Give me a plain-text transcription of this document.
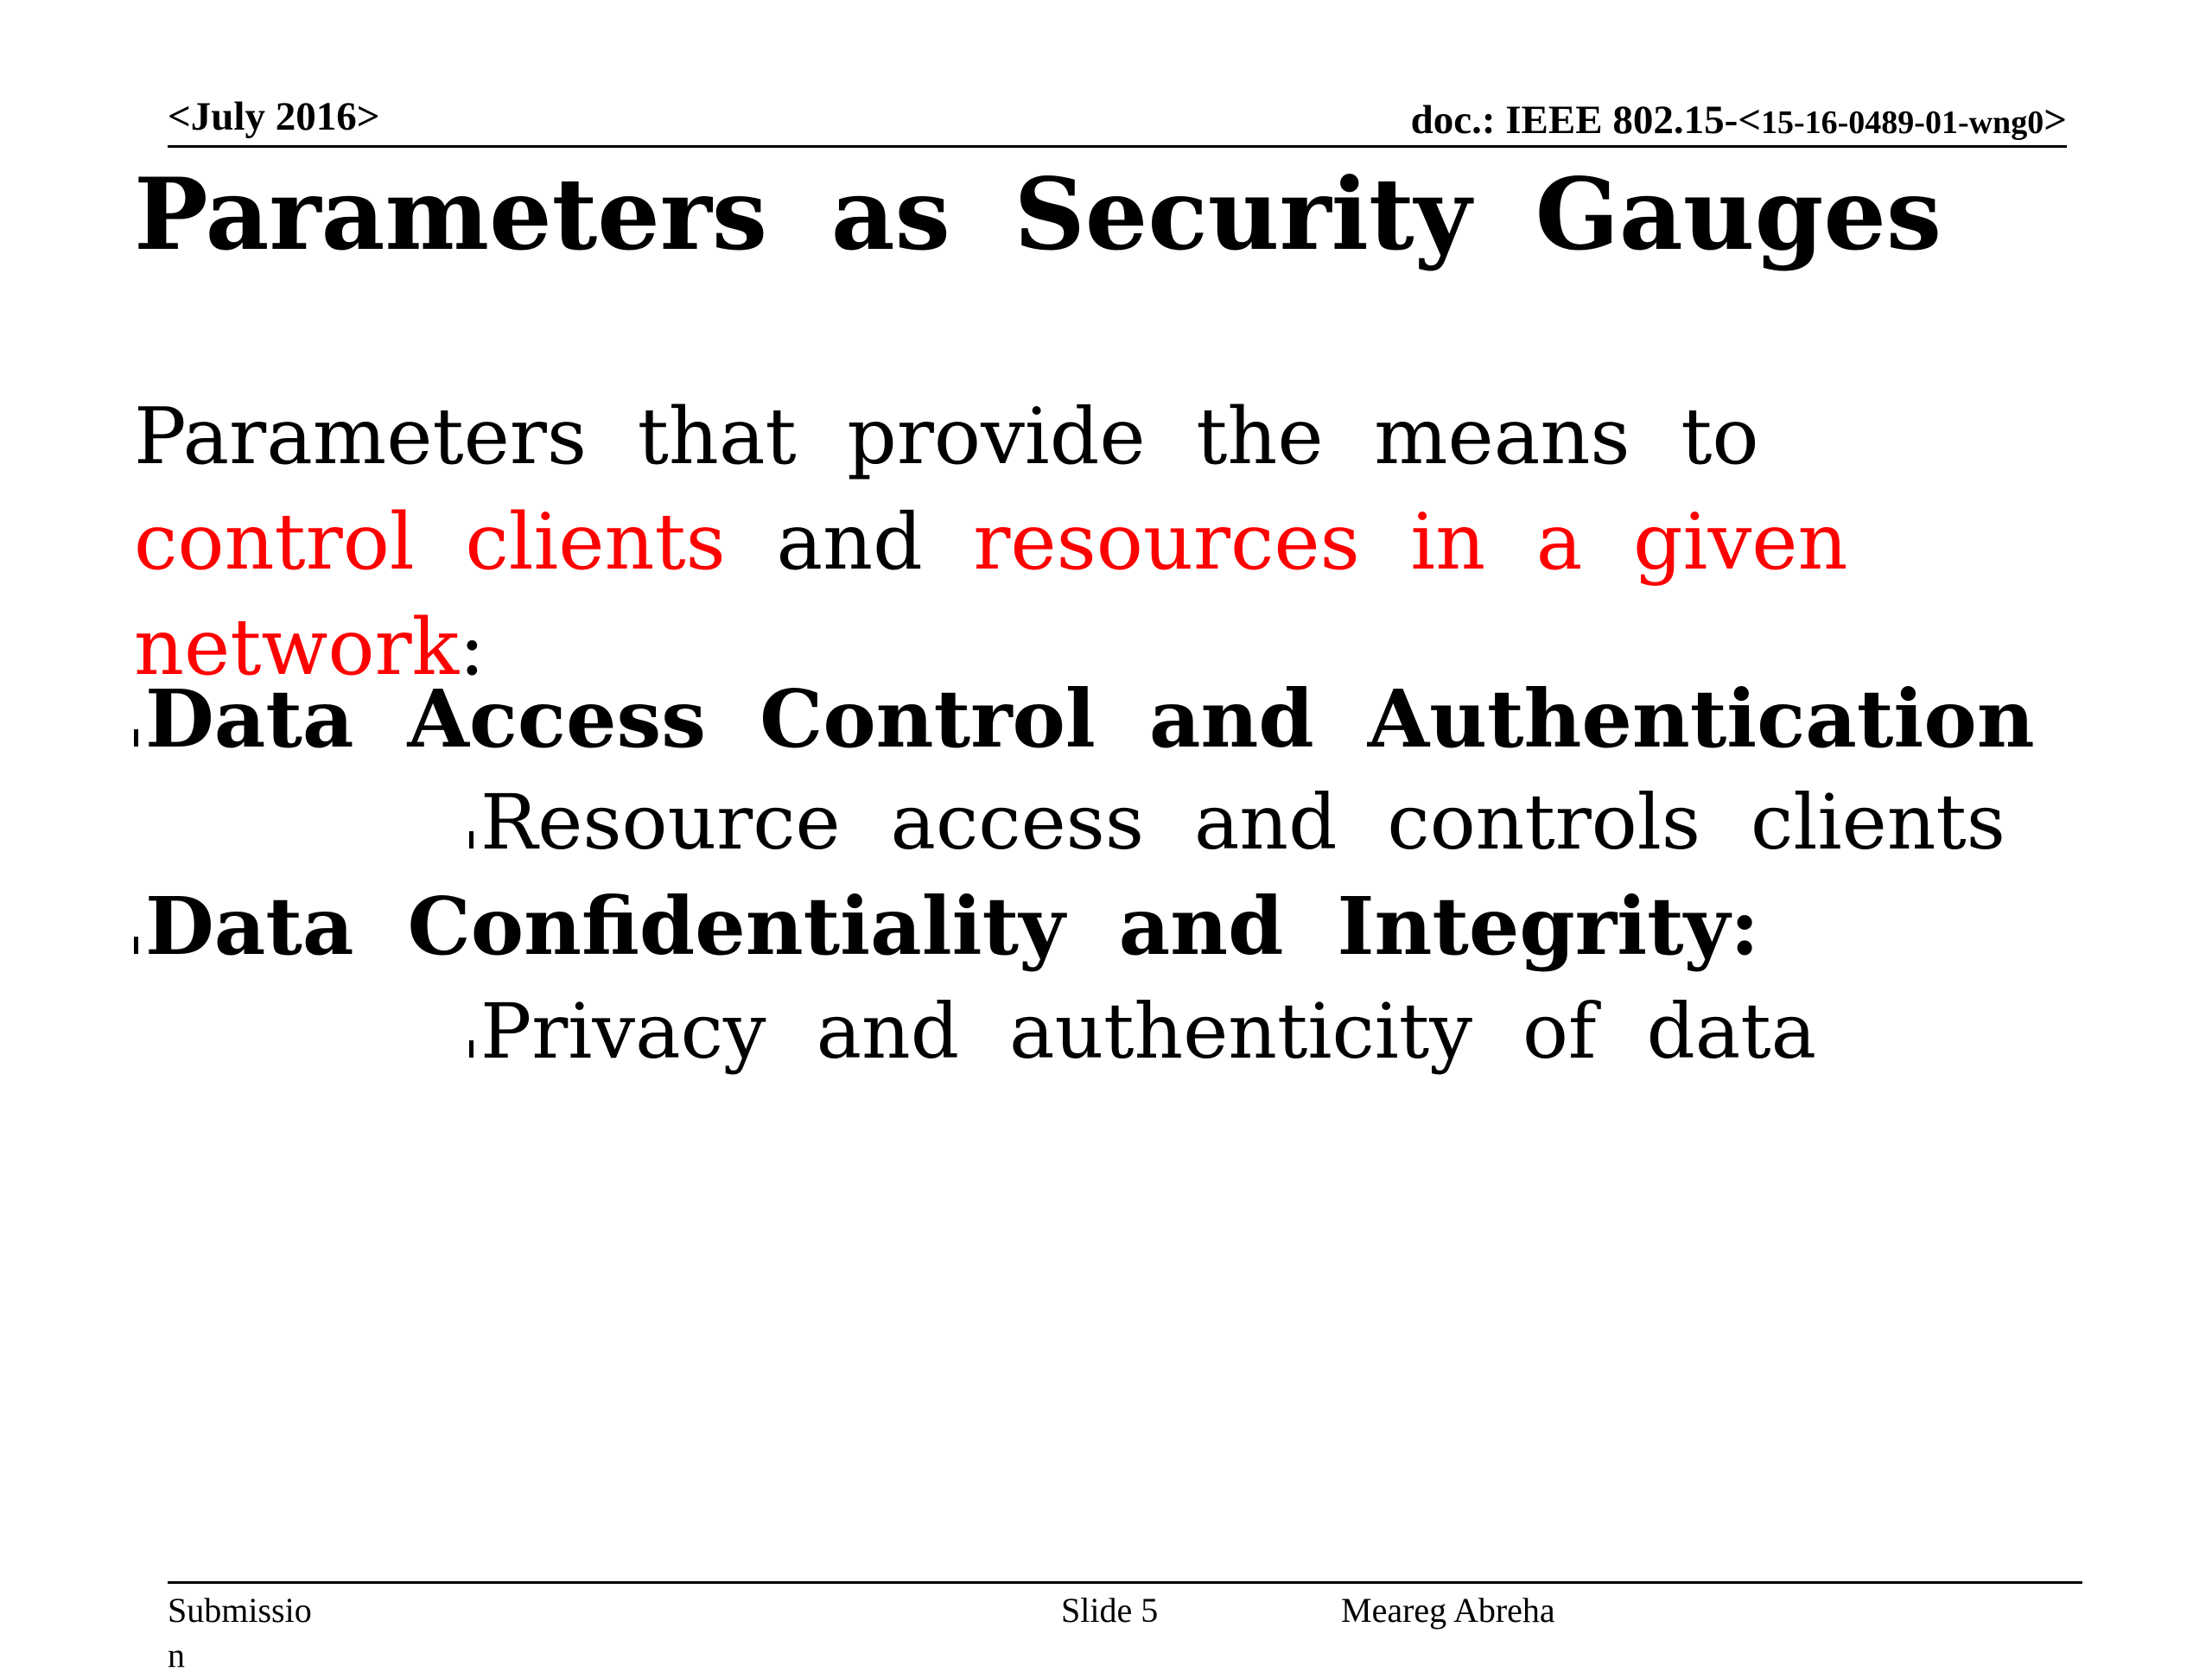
<July 2016>	doc.: IEEE 802.15-<15-16-0489-01-wng0>
Parameters as Security Gauges
Parameters that provide the means to control clients and resources in a given network:
Data Access Control and Authentication
Resource access and controls clients
Data Confidentiality and Integrity:
Privacy and authenticity of data
Submission
Slide 5	Meareg Abreha
